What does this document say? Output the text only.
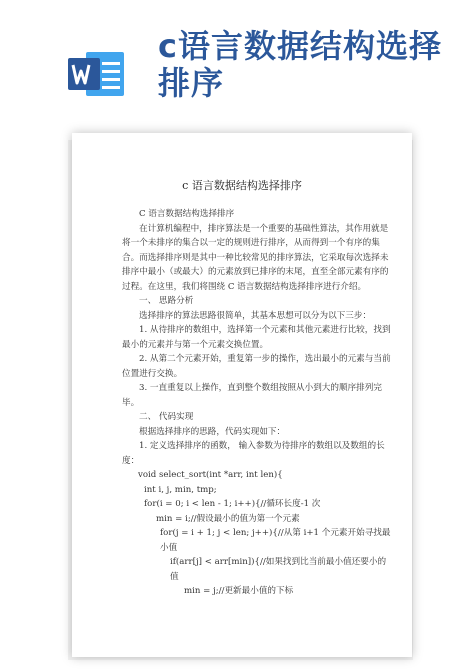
c语言数据结构选择排序
c 语言数据结构选择排序

C 语言数据结构选择排序

在计算机编程中，排序算法是一个重要的基础性算法，其作用就是将一个未排序的集合以一定的规则进行排序，从而得到一个有序的集合。而选择排序则是其中一种比较常见的排序算法，它采取每次选择未排序中最小（或最大）的元素放到已排序的末尾，直至全部元素有序的过程。在这里，我们将围绕 C 语言数据结构选择排序进行介绍。

一、 思路分析

选择排序的算法思路很简单，其基本思想可以分为以下三步：

1. 从待排序的数组中，选择第一个元素和其他元素进行比较，找到最小的元素并与第一个元素交换位置。

2. 从第二个元素开始，重复第一步的操作，选出最小的元素与当前位置进行交换。

3. 一直重复以上操作，直到整个数组按照从小到大的顺序排列完毕。

二、 代码实现

根据选择排序的思路，代码实现如下：

1. 定义选择排序的函数， 输入参数为待排序的数组以及数组的长度：

void select_sort(int *arr, int len){

int i, j, min, tmp;

for(i = 0; i < len - 1; i++){//循环长度-1 次

min = i;//假设最小的值为第一个元素

for(j = i + 1; j < len; j++){//从第 i+1 个元素开始寻找最小值

if(arr[j] < arr[min]){//如果找到比当前最小值还要小的值

min = j;//更新最小值的下标
